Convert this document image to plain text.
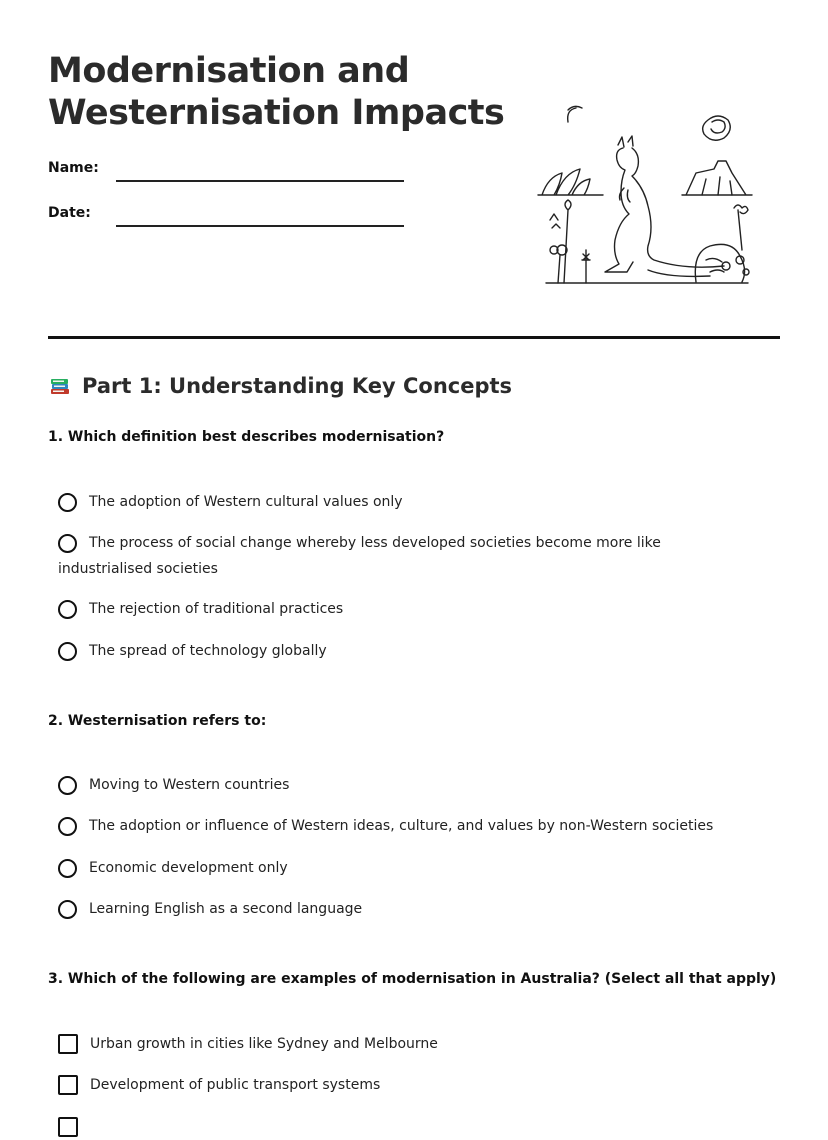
Modernisation and Westernisation Impacts
Name:
Date:
Part 1: Understanding Key Concepts

1. Which definition best describes modernisation?

The adoption of Western cultural values only
The process of social change whereby less developed societies become more like industrialised societies
The rejection of traditional practices
The spread of technology globally

2. Westernisation refers to:

Moving to Western countries
The adoption or influence of Western ideas, culture, and values by non-Western societies
Economic development only
Learning English as a second language

3. Which of the following are examples of modernisation in Australia? (Select all that apply)

Urban growth in cities like Sydney and Melbourne
Development of public transport systems
